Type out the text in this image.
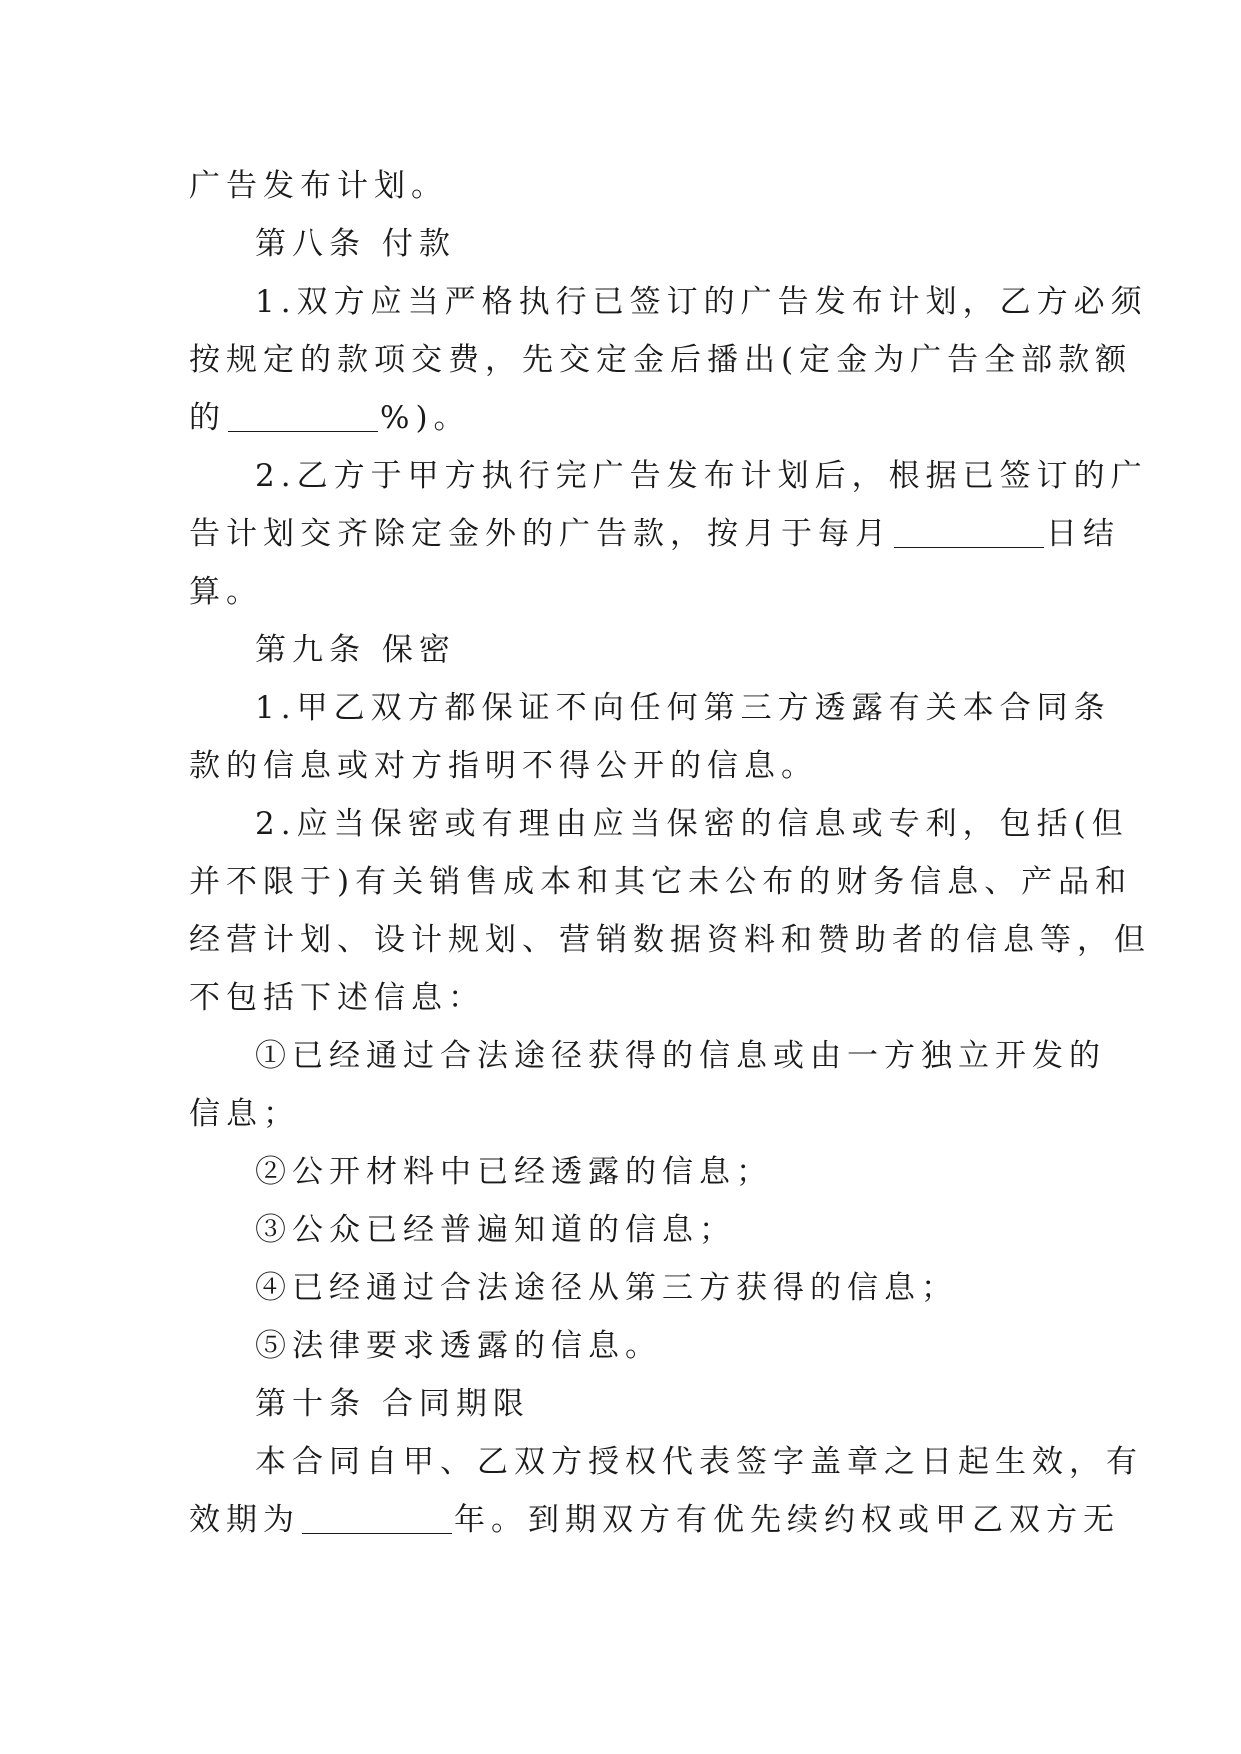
广告发布计划。
第八条 付款
1.双方应当严格执行已签订的广告发布计划，乙方必须
按规定的款项交费，先交定金后播出(定金为广告全部款额
的	%)。
2.乙方于甲方执行完广告发布计划后，根据已签订的广
告计划交齐除定金外的广告款，按月于每月	日结
算。
第九条 保密
1.甲乙双方都保证不向任何第三方透露有关本合同条
款的信息或对方指明不得公开的信息。
2.应当保密或有理由应当保密的信息或专利，包括(但
并不限于)有关销售成本和其它未公布的财务信息、产品和
经营计划、设计规划、营销数据资料和赞助者的信息等，但
不包括下述信息：
①已经通过合法途径获得的信息或由一方独立开发的
信息；
②公开材料中已经透露的信息；
③公众已经普遍知道的信息；
④已经通过合法途径从第三方获得的信息；
⑤法律要求透露的信息。
第十条 合同期限
本合同自甲、乙双方授权代表签字盖章之日起生效，有
效期为	年。到期双方有优先续约权或甲乙双方无
